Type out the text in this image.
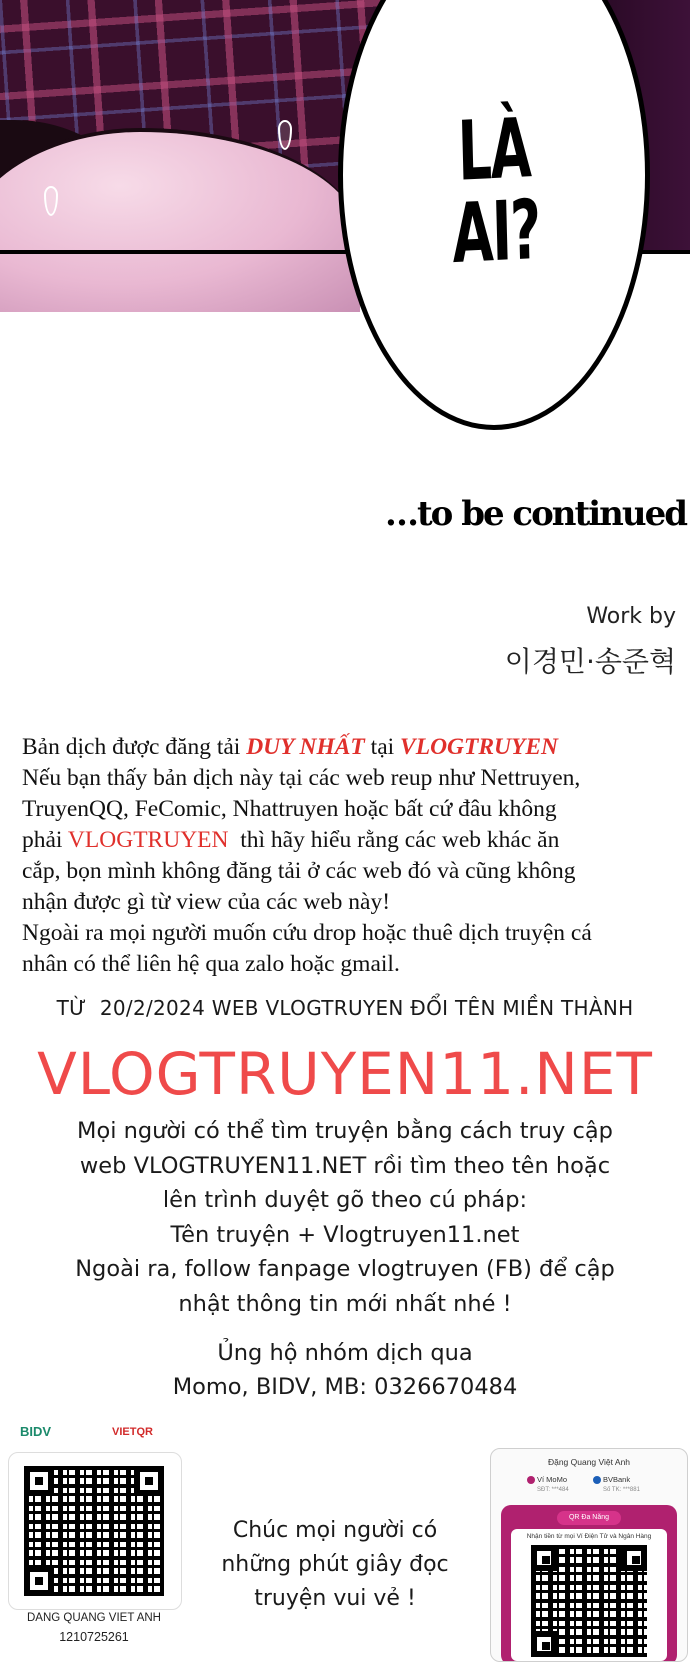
LÀ AI?
…to be continued
Work by
이경민·송준혁
Bản dịch được đăng tải DUY NHẤT tại VLOGTRUYEN
Nếu bạn thấy bản dịch này tại các web reup như Nettruyen,
TruyenQQ, FeComic, Nhattruyen hoặc bất cứ đâu không
phải VLOGTRUYEN  thì hãy hiểu rằng các web khác ăn
cắp, bọn mình không đăng tải ở các web đó và cũng không
nhận được gì từ view của các web này!
Ngoài ra mọi người muốn cứu drop hoặc thuê dịch truyện cá
nhân có thể liên hệ qua zalo hoặc gmail.
TỪ  20/2/2024 WEB VLOGTRUYEN ĐỔI TÊN MIỀN THÀNH
VLOGTRUYEN11.NET
Mọi người có thể tìm truyện bằng cách truy cập
web VLOGTRUYEN11.NET rồi tìm theo tên hoặc
lên trình duyệt gõ theo cú pháp:
Tên truyện + Vlogtruyen11.net
Ngoài ra, follow fanpage vlogtruyen (FB) để cập
nhật thông tin mới nhất nhé !
Ủng hộ nhóm dịch qua
Momo, BIDV, MB: 0326670484
Chúc mọi người có
những phút giây đọc
truyện vui vẻ !
BIDV	VIETQR
DANG QUANG VIET ANH
1210725261
Đặng Quang Việt Anh
Ví MoMo
SĐT: ***484
BVBank
Số TK: ***881
QR Đa Năng
Nhận tiền từ mọi Ví Điện Tử và Ngân Hàng
